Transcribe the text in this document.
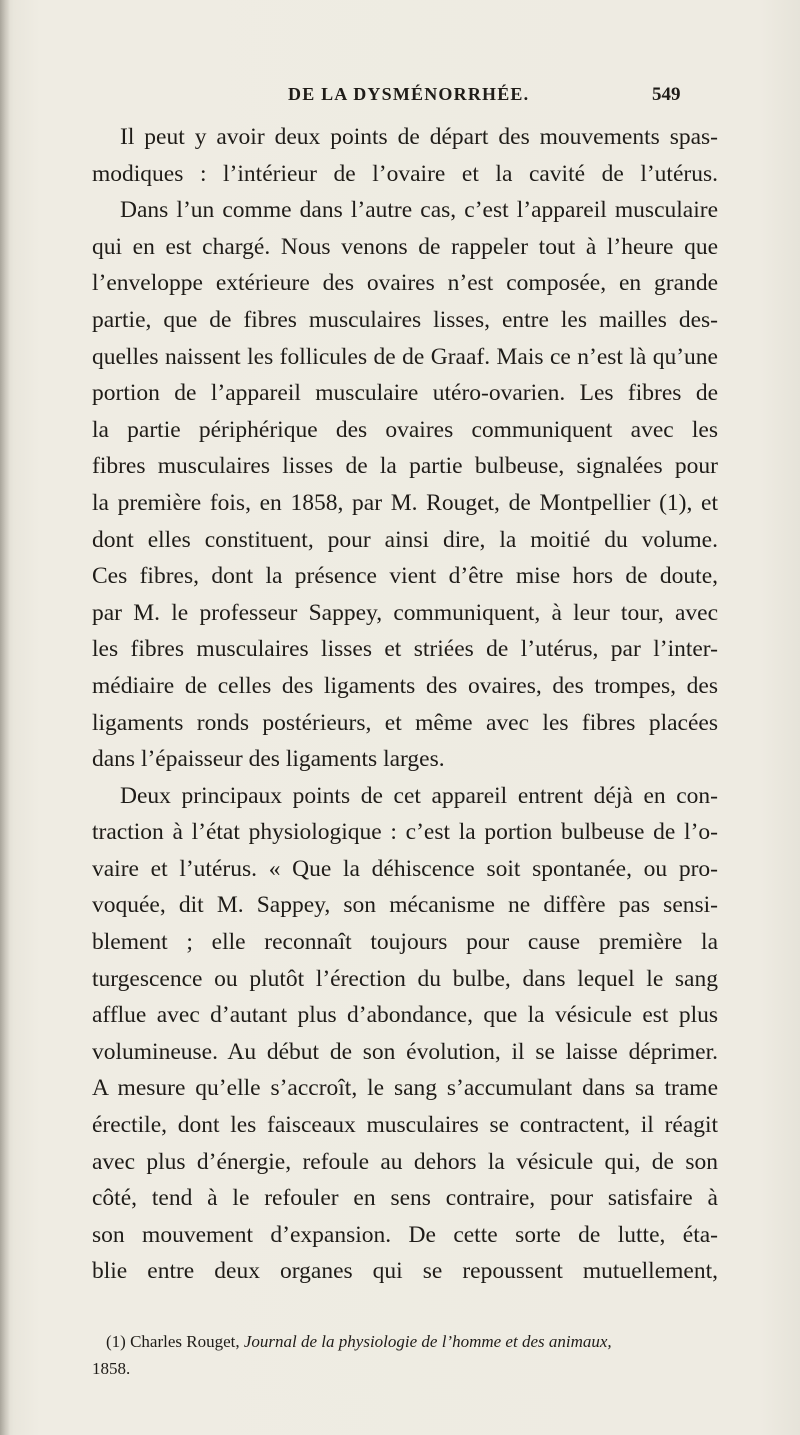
DE LA DYSMÉNORRHÉE.	549
Il peut y avoir deux points de départ des mouvements spas-
modiques : l’intérieur de l’ovaire et la cavité de l’utérus.
Dans l’un comme dans l’autre cas, c’est l’appareil musculaire
qui en est chargé. Nous venons de rappeler tout à l’heure que
l’enveloppe extérieure des ovaires n’est composée, en grande
partie, que de fibres musculaires lisses, entre les mailles des-
quelles naissent les follicules de de Graaf. Mais ce n’est là qu’une
portion de l’appareil musculaire utéro-ovarien. Les fibres de
la partie périphérique des ovaires communiquent avec les
fibres musculaires lisses de la partie bulbeuse, signalées pour
la première fois, en 1858, par M. Rouget, de Montpellier (1), et
dont elles constituent, pour ainsi dire, la moitié du volume.
Ces fibres, dont la présence vient d’être mise hors de doute,
par M. le professeur Sappey, communiquent, à leur tour, avec
les fibres musculaires lisses et striées de l’utérus, par l’inter-
médiaire de celles des ligaments des ovaires, des trompes, des
ligaments ronds postérieurs, et même avec les fibres placées
dans l’épaisseur des ligaments larges.
Deux principaux points de cet appareil entrent déjà en con-
traction à l’état physiologique : c’est la portion bulbeuse de l’o-
vaire et l’utérus. « Que la déhiscence soit spontanée, ou pro-
voquée, dit M. Sappey, son mécanisme ne diffère pas sensi-
blement ; elle reconnaît toujours pour cause première la
turgescence ou plutôt l’érection du bulbe, dans lequel le sang
afflue avec d’autant plus d’abondance, que la vésicule est plus
volumineuse. Au début de son évolution, il se laisse déprimer.
A mesure qu’elle s’accroît, le sang s’accumulant dans sa trame
érectile, dont les faisceaux musculaires se contractent, il réagit
avec plus d’énergie, refoule au dehors la vésicule qui, de son
côté, tend à le refouler en sens contraire, pour satisfaire à
son mouvement d’expansion. De cette sorte de lutte, éta-
blie entre deux organes qui se repoussent mutuellement,
(1) Charles Rouget, Journal de la physiologie de l’homme et des animaux,
1858.
